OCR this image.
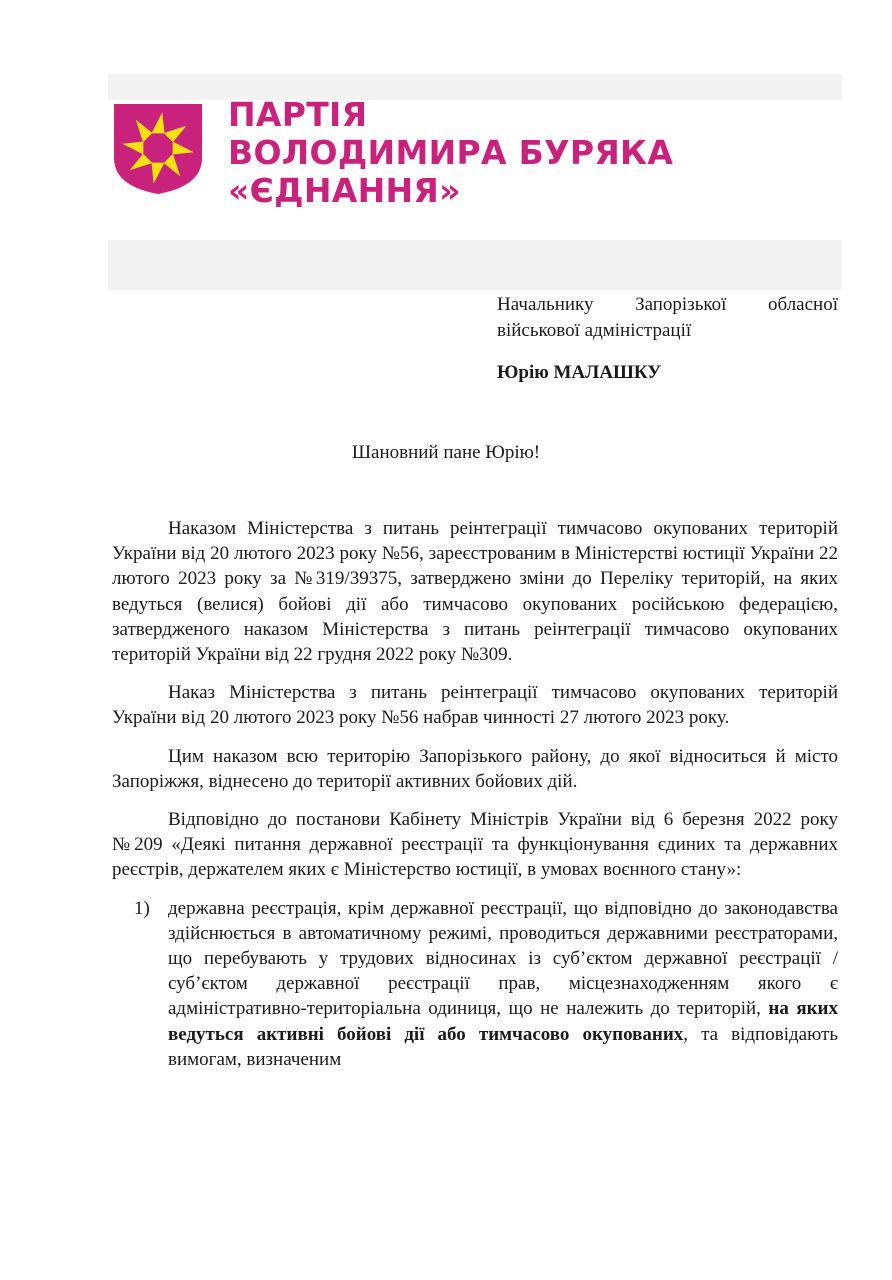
ПАРТІЯ
ВОЛОДИМИРА БУРЯКА
«ЄДНАННЯ»
Начальнику Запорізької обласної
військової адміністрації
Юрію МАЛАШКУ
Шановний пане Юрію!

Наказом Міністерства з питань реінтеграції тимчасово окупованих територій України від 20 лютого 2023 року №56, зареєстрованим в Міністерстві юстиції України 22 лютого 2023 року за №319/39375, затверджено зміни до Переліку територій, на яких ведуться (велися) бойові дії або тимчасово окупованих російською федерацією, затвердженого наказом Міністерства з питань реінтеграції тимчасово окупованих територій України від 22 грудня 2022 року №309.

Наказ Міністерства з питань реінтеграції тимчасово окупованих територій України від 20 лютого 2023 року №56 набрав чинності 27 лютого 2023 року.

Цим наказом всю територію Запорізького району, до якої відноситься й місто Запоріжжя, віднесено до території активних бойових дій.

Відповідно до постанови Кабінету Міністрів України від 6 березня 2022 року №209 «Деякі питання державної реєстрації та функціонування єдиних та державних реєстрів, держателем яких є Міністерство юстиції, в умовах воєнного стану»:

1) державна реєстрація, крім державної реєстрації, що відповідно до законодавства здійснюється в автоматичному режимі, проводиться державними реєстраторами, що перебувають у трудових відносинах із суб’єктом державної реєстрації /суб’єктом державної реєстрації прав, місцезнаходженням якого є адміністративно-територіальна одиниця, що не належить до територій, на яких ведуться активні бойові дії або тимчасово окупованих, та відповідають вимогам, визначеним
